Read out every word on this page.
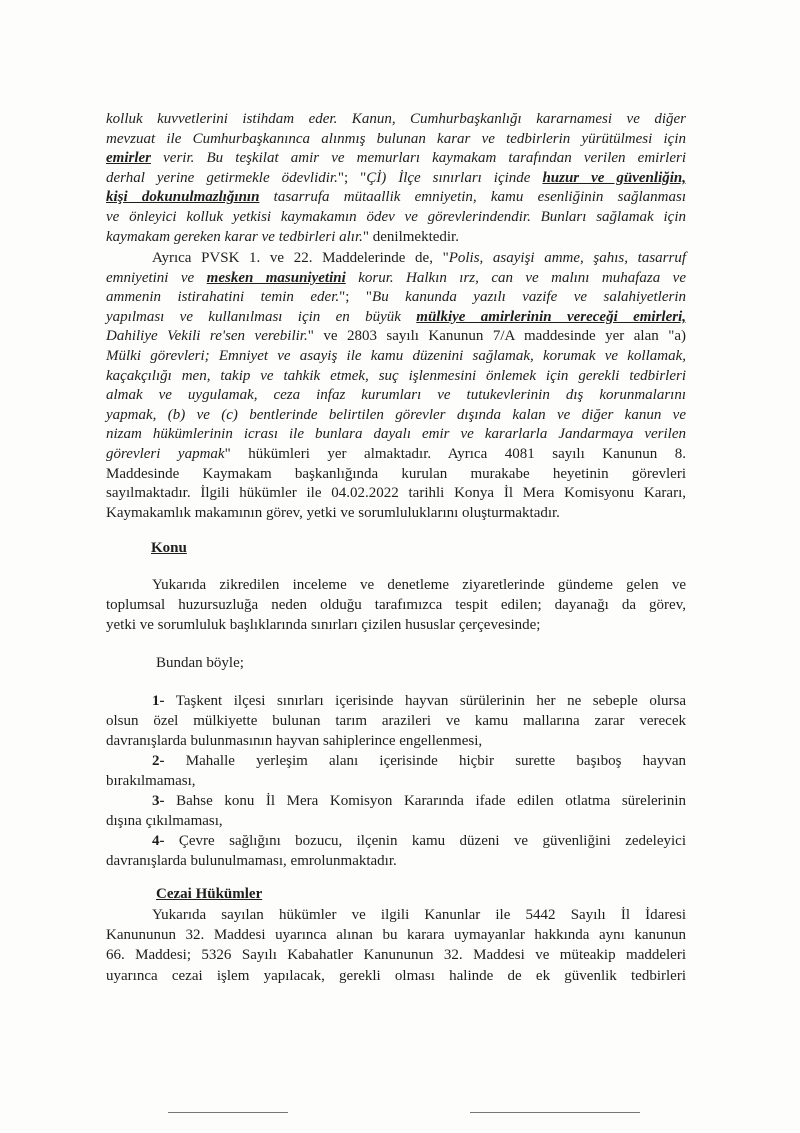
kolluk kuvvetlerini istihdam eder. Kanun, Cumhurbaşkanlığı kararnamesi ve diğer
mevzuat ile Cumhurbaşkanınca alınmış bulunan karar ve tedbirlerin yürütülmesi için
emirler verir. Bu teşkilat amir ve memurları kaymakam tarafından verilen emirleri
derhal yerine getirmekle ödevlidir."; "Çİ) İlçe sınırları içinde huzur ve güvenliğin,
kişi dokunulmazlığının tasarrufa mütaallik emniyetin, kamu esenliğinin sağlanması
ve önleyici kolluk yetkisi kaymakamın ödev ve görevlerindendir. Bunları sağlamak için
kaymakam gereken karar ve tedbirleri alır." denilmektedir.
Ayrıca PVSK 1. ve 22. Maddelerinde de, "Polis, asayişi amme, şahıs, tasarruf
emniyetini ve mesken masuniyetini korur. Halkın ırz, can ve malını muhafaza ve
ammenin istirahatini temin eder."; "Bu kanunda yazılı vazife ve salahiyetlerin
yapılması ve kullanılması için en büyük mülkiye amirlerinin vereceği emirleri,
Dahiliye Vekili re'sen verebilir." ve 2803 sayılı Kanunun 7/A maddesinde yer alan "a)
Mülki görevleri; Emniyet ve asayiş ile kamu düzenini sağlamak, korumak ve kollamak,
kaçakçılığı men, takip ve tahkik etmek, suç işlenmesini önlemek için gerekli tedbirleri
almak ve uygulamak, ceza infaz kurumları ve tutukevlerinin dış korunmalarını
yapmak, (b) ve (c) bentlerinde belirtilen görevler dışında kalan ve diğer kanun ve
nizam hükümlerinin icrası ile bunlara dayalı emir ve kararlarla Jandarmaya verilen
görevleri yapmak" hükümleri yer almaktadır. Ayrıca 4081 sayılı Kanunun 8.
Maddesinde Kaymakam başkanlığında kurulan murakabe heyetinin görevleri
sayılmaktadır. İlgili hükümler ile 04.02.2022 tarihli Konya İl Mera Komisyonu Kararı,
Kaymakamlık makamının görev, yetki ve sorumluluklarını oluşturmaktadır.
Yukarıda zikredilen inceleme ve denetleme ziyaretlerinde gündeme gelen ve
toplumsal huzursuzluğa neden olduğu tarafımızca tespit edilen; dayanağı da görev,
yetki ve sorumluluk başlıklarında sınırları çizilen hususlar çerçevesinde;
1- Taşkent ilçesi sınırları içerisinde hayvan sürülerinin her ne sebeple olursa
olsun özel mülkiyette bulunan tarım arazileri ve kamu mallarına zarar verecek
davranışlarda bulunmasının hayvan sahiplerince engellenmesi,
2- Mahalle yerleşim alanı içerisinde hiçbir surette başıboş hayvan
bırakılmaması,
3- Bahse konu İl Mera Komisyon Kararında ifade edilen otlatma sürelerinin
dışına çıkılmaması,
4- Çevre sağlığını bozucu, ilçenin kamu düzeni ve güvenliğini zedeleyici
davranışlarda bulunulmaması, emrolunmaktadır.
Yukarıda sayılan hükümler ve ilgili Kanunlar ile 5442 Sayılı İl İdaresi
Kanununun 32. Maddesi uyarınca alınan bu karara uymayanlar hakkında aynı kanunun
66. Maddesi; 5326 Sayılı Kabahatler Kanununun 32. Maddesi ve müteakip maddeleri
uyarınca cezai işlem yapılacak, gerekli olması halinde de ek güvenlik tedbirleri
Bundan böyle;
Konu
Cezai Hükümler
